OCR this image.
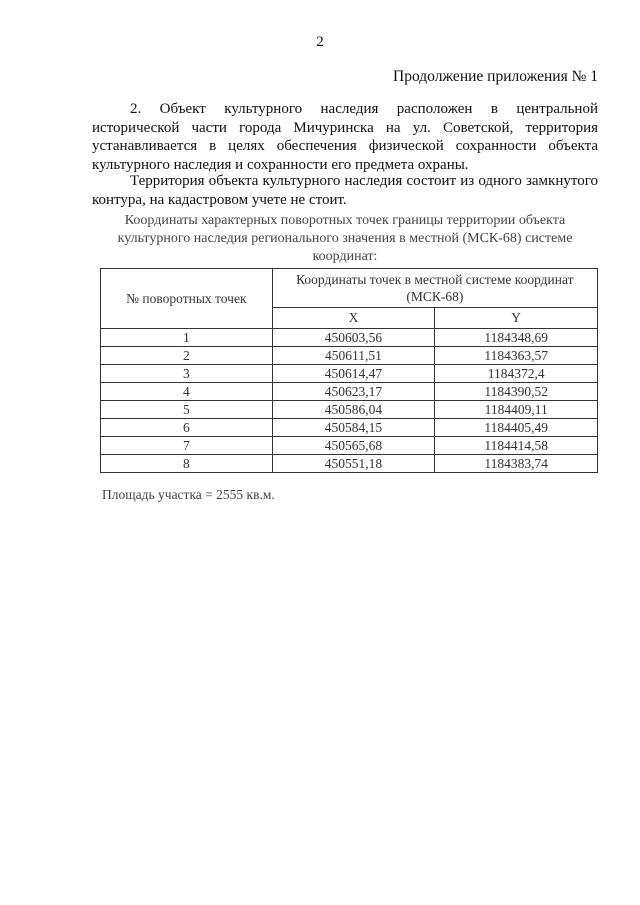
2
Продолжение приложения № 1
2. Объект культурного наследия расположен в центральной исторической части города Мичуринска на ул. Советской, территория устанавливается в целях обеспечения физической сохранности объекта культурного наследия и сохранности его предмета охраны.
Территория объекта культурного наследия состоит из одного замкнутого контура, на кадастровом учете не стоит.
Координаты характерных поворотных точек границы территории объекта культурного наследия регионального значения в местной (МСК-68) системе координат:
№ поворотных точек	Координаты точек в местной системе координат (МСК-68)	
	X	Y
1	450603,56	1184348,69
2	450611,51	1184363,57
3	450614,47	1184372,4
4	450623,17	1184390,52
5	450586,04	1184409,11
6	450584,15	1184405,49
7	450565,68	1184414,58
8	450551,18	1184383,74
Площадь участка = 2555 кв.м.
